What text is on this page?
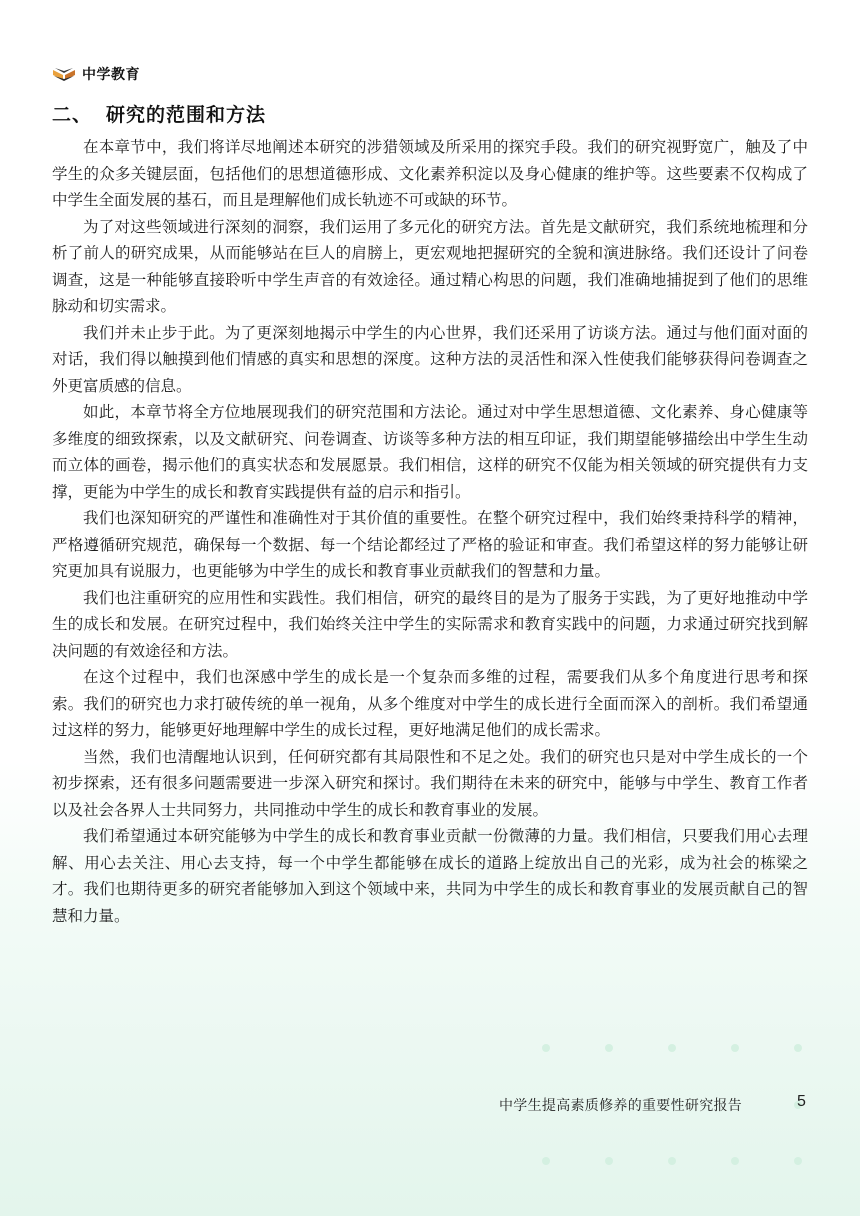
中学教育
二、 研究的范围和方法

在本章节中，我们将详尽地阐述本研究的涉猎领域及所采用的探究手段。我们的研究视野宽广，触及了中学生的众多关键层面，包括他们的思想道德形成、文化素养积淀以及身心健康的维护等。这些要素不仅构成了中学生全面发展的基石，而且是理解他们成长轨迹不可或缺的环节。

为了对这些领域进行深刻的洞察，我们运用了多元化的研究方法。首先是文献研究，我们系统地梳理和分析了前人的研究成果，从而能够站在巨人的肩膀上，更宏观地把握研究的全貌和演进脉络。我们还设计了问卷调查，这是一种能够直接聆听中学生声音的有效途径。通过精心构思的问题，我们准确地捕捉到了他们的思维脉动和切实需求。

我们并未止步于此。为了更深刻地揭示中学生的内心世界，我们还采用了访谈方法。通过与他们面对面的对话，我们得以触摸到他们情感的真实和思想的深度。这种方法的灵活性和深入性使我们能够获得问卷调查之外更富质感的信息。

如此，本章节将全方位地展现我们的研究范围和方法论。通过对中学生思想道德、文化素养、身心健康等多维度的细致探索，以及文献研究、问卷调查、访谈等多种方法的相互印证，我们期望能够描绘出中学生生动而立体的画卷，揭示他们的真实状态和发展愿景。我们相信，这样的研究不仅能为相关领域的研究提供有力支撑，更能为中学生的成长和教育实践提供有益的启示和指引。

我们也深知研究的严谨性和准确性对于其价值的重要性。在整个研究过程中，我们始终秉持科学的精神，严格遵循研究规范，确保每一个数据、每一个结论都经过了严格的验证和审查。我们希望这样的努力能够让研究更加具有说服力，也更能够为中学生的成长和教育事业贡献我们的智慧和力量。

我们也注重研究的应用性和实践性。我们相信，研究的最终目的是为了服务于实践，为了更好地推动中学生的成长和发展。在研究过程中，我们始终关注中学生的实际需求和教育实践中的问题，力求通过研究找到解决问题的有效途径和方法。

在这个过程中，我们也深感中学生的成长是一个复杂而多维的过程，需要我们从多个角度进行思考和探索。我们的研究也力求打破传统的单一视角，从多个维度对中学生的成长进行全面而深入的剖析。我们希望通过这样的努力，能够更好地理解中学生的成长过程，更好地满足他们的成长需求。

当然，我们也清醒地认识到，任何研究都有其局限性和不足之处。我们的研究也只是对中学生成长的一个初步探索，还有很多问题需要进一步深入研究和探讨。我们期待在未来的研究中，能够与中学生、教育工作者以及社会各界人士共同努力，共同推动中学生的成长和教育事业的发展。

我们希望通过本研究能够为中学生的成长和教育事业贡献一份微薄的力量。我们相信，只要我们用心去理解、用心去关注、用心去支持，每一个中学生都能够在成长的道路上绽放出自己的光彩，成为社会的栋梁之才。我们也期待更多的研究者能够加入到这个领域中来，共同为中学生的成长和教育事业的发展贡献自己的智慧和力量。

中学生提高素质修养的重要性研究报告	5
